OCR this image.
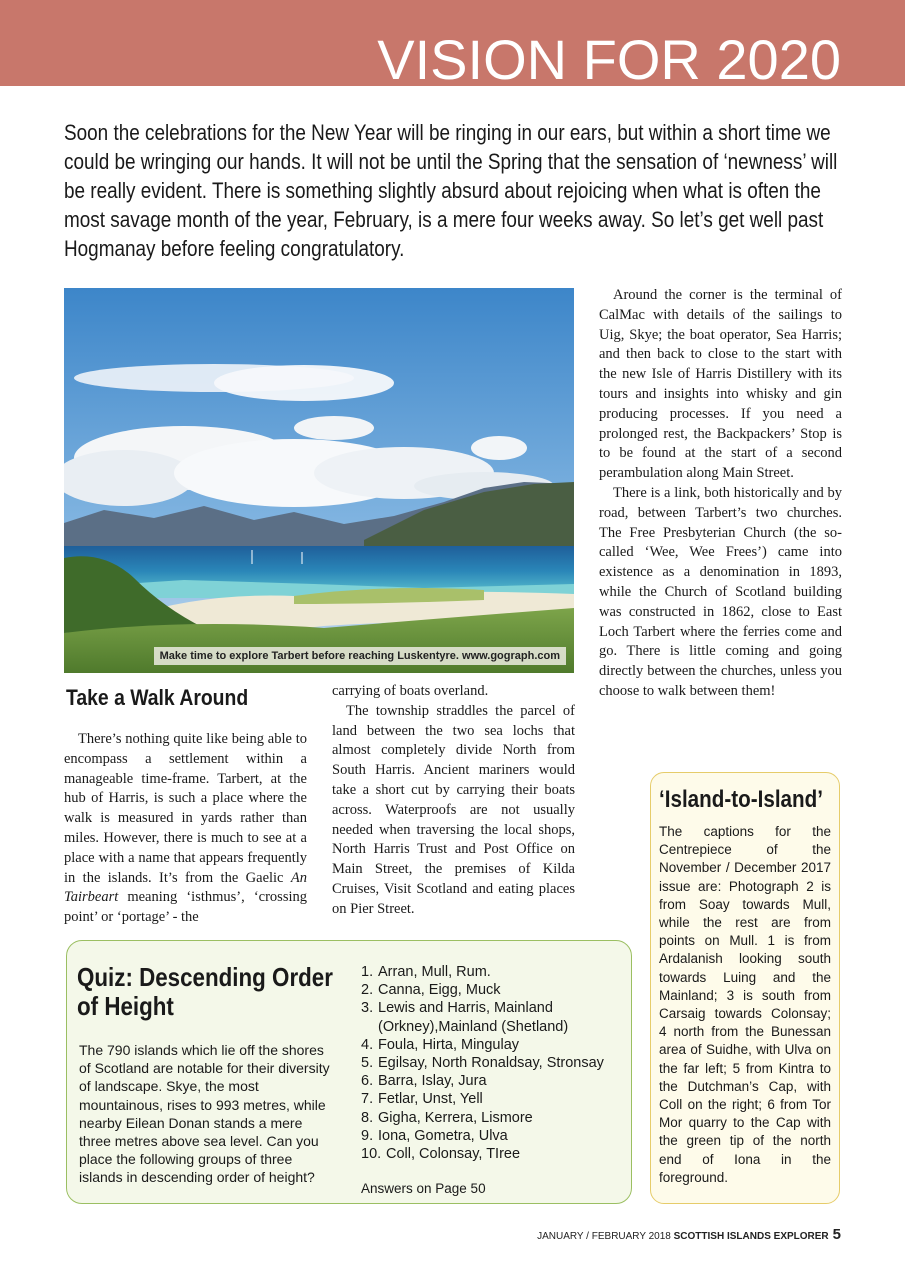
VISION FOR 2020
Soon the celebrations for the New Year will be ringing in our ears, but within a short time we could be wringing our hands. It will not be until the Spring that the sensation of ‘newness’ will be really evident. There is something slightly absurd about rejoicing when what is often the most savage month of the year, February, is a mere four weeks away. So let’s get well past Hogmanay before feeling congratulatory.
Make time to explore Tarbert before reaching Luskentyre. www.gograph.com
Take a Walk Around

There’s nothing quite like being able to encompass a settlement within a manageable time-frame. Tarbert, at the hub of Harris, is such a place where the walk is measured in yards rather than miles. However, there is much to see at a place with a name that appears frequently in the islands. It’s from the Gaelic An Tairbeart meaning ‘isthmus’, ‘crossing point’ or ‘portage’ - the

carrying of boats overland.

The township straddles the parcel of land between the two sea lochs that almost completely divide North from South Harris. Ancient mariners would take a short cut by carrying their boats across. Waterproofs are not usually needed when traversing the local shops, North Harris Trust and Post Office on Main Street, the premises of Kilda Cruises, Visit Scotland and eating places on Pier Street.

Around the corner is the terminal of CalMac with details of the sailings to Uig, Skye; the boat operator, Sea Harris; and then back to close to the start with the new Isle of Harris Distillery with its tours and insights into whisky and gin producing processes. If you need a prolonged rest, the Backpackers’ Stop is to be found at the start of a second perambulation along Main Street.

There is a link, both historically and by road, between Tarbert’s two churches. The Free Presbyterian Church (the so-called ‘Wee, Wee Frees’) came into existence as a denomination in 1893, while the Church of Scotland building was constructed in 1862, close to East Loch Tarbert where the ferries come and go. There is little coming and going directly between the churches, unless you choose to walk between them!

‘Island-to-Island’
The captions for the Centrepiece of the November / December 2017 issue are: Photograph 2 is from Soay towards Mull, while the rest are from points on Mull. 1 is from Ardalanish looking south towards Luing and the Mainland; 3 is south from Carsaig towards Colonsay; 4 north from the Bunessan area of Suidhe, with Ulva on the far left; 5 from Kintra to the Dutchman’s Cap, with Coll on the right; 6 from Tor Mor quarry to the Cap with the green tip of the north end of Iona in the foreground.
Quiz: Descending Order of Height
The 790 islands which lie off the shores of Scotland are notable for their diversity of landscape. Skye, the most mountainous, rises to 993 metres, while nearby Eilean Donan stands a mere three metres above sea level. Can you place the following groups of three islands in descending order of height?
1. Arran, Mull, Rum.
2. Canna, Eigg, Muck
3. Lewis and Harris, Mainland (Orkney),Mainland (Shetland)
4. Foula, Hirta, Mingulay
5. Egilsay, North Ronaldsay, Stronsay
6. Barra, Islay, Jura
7. Fetlar, Unst, Yell
8. Gigha, Kerrera, Lismore
9. Iona, Gometra, Ulva
10. Coll, Colonsay, TIree
Answers on Page 50
JANUARY / FEBRUARY 2018 SCOTTISH ISLANDS EXPLORER 5
